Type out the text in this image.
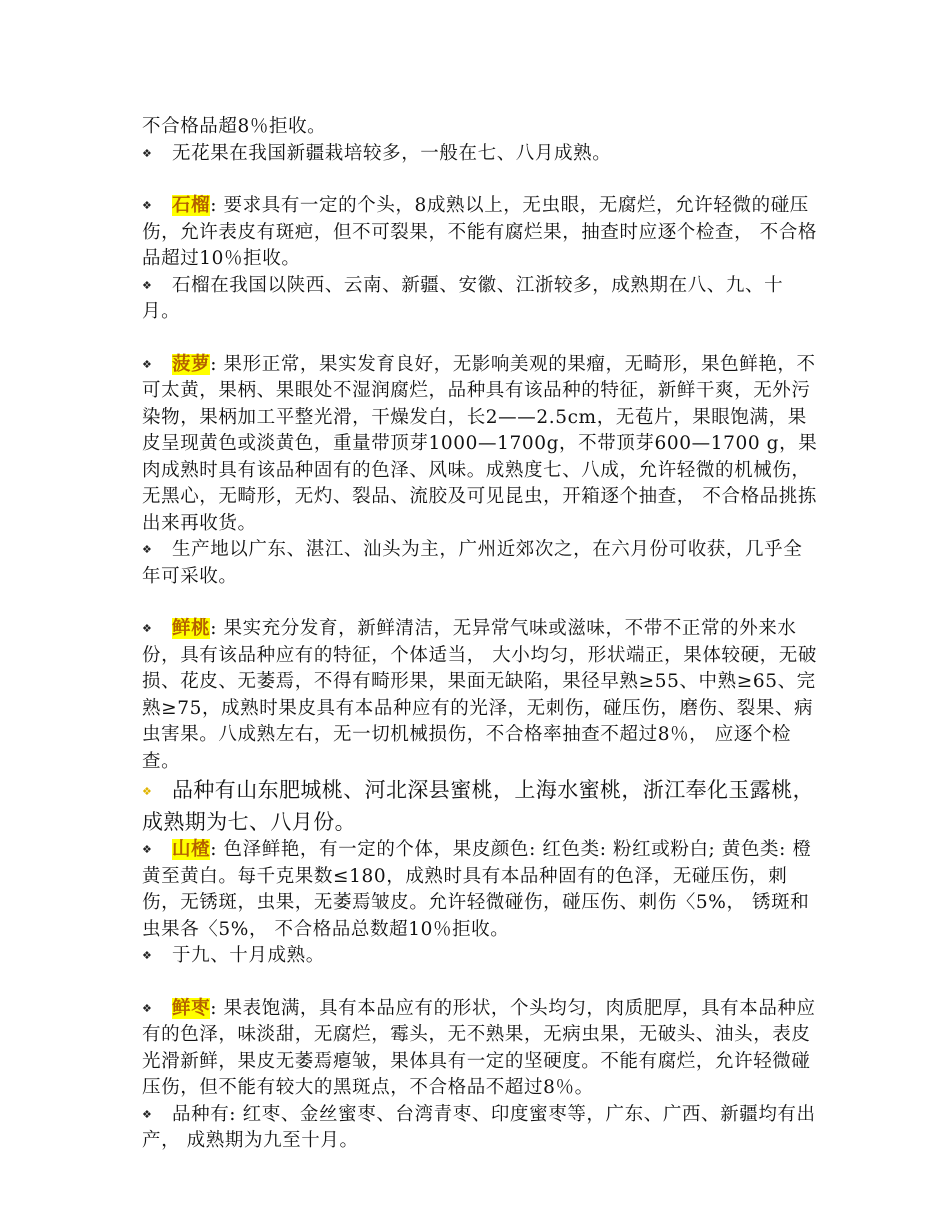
不合格品超8％拒收。

❖ 无花果在我国新疆栽培较多，一般在七、八月成熟。

❖ 石榴: 要求具有一定的个头，8成熟以上，无虫眼，无腐烂，允许轻微的碰压伤，允许表皮有斑疤，但不可裂果，不能有腐烂果，抽查时应逐个检查， 不合格品超过10％拒收。

❖ 石榴在我国以陕西、云南、新疆、安徽、江浙较多，成熟期在八、九、十月。

❖ 菠萝: 果形正常，果实发育良好，无影响美观的果瘤，无畸形，果色鲜艳，不可太黄，果柄、果眼处不湿润腐烂，品种具有该品种的特征，新鲜干爽，无外污染物，果柄加工平整光滑，干燥发白，长2——2.5cm，无苞片，果眼饱满，果皮呈现黄色或淡黄色，重量带顶芽1000—1700g，不带顶芽600—1700 g，果肉成熟时具有该品种固有的色泽、风味。成熟度七、八成，允许轻微的机械伤，无黑心，无畸形，无灼、裂品、流胶及可见昆虫，开箱逐个抽查， 不合格品挑拣出来再收货。

❖ 生产地以广东、湛江、汕头为主，广州近郊次之，在六月份可收获，几乎全年可采收。

❖ 鲜桃: 果实充分发育，新鲜清洁，无异常气味或滋味，不带不正常的外来水份，具有该品种应有的特征，个体适当， 大小均匀，形状端正，果体较硬，无破损、花皮、无萎焉，不得有畸形果，果面无缺陷，果径早熟≥55、中熟≥65、完熟≥75，成熟时果皮具有本品种应有的光泽，无刺伤，碰压伤，磨伤、裂果、病虫害果。八成熟左右，无一切机械损伤，不合格率抽查不超过8％， 应逐个检查。

❖ 品种有山东肥城桃、河北深县蜜桃，上海水蜜桃，浙江奉化玉露桃，成熟期为七、八月份。

❖ 山楂: 色泽鲜艳，有一定的个体，果皮颜色: 红色类: 粉红或粉白; 黄色类: 橙黄至黄白。每千克果数≤180，成熟时具有本品种固有的色泽，无碰压伤，刺伤，无锈斑，虫果，无萎焉皱皮。允许轻微碰伤，碰压伤、刺伤〈5%， 锈斑和虫果各〈5%， 不合格品总数超10％拒收。

❖ 于九、十月成熟。

❖ 鲜枣: 果表饱满，具有本品应有的形状，个头均匀，肉质肥厚，具有本品种应有的色泽，味淡甜，无腐烂，霉头，无不熟果，无病虫果，无破头、油头，表皮光滑新鲜，果皮无萎焉瘪皱，果体具有一定的坚硬度。不能有腐烂，允许轻微碰压伤，但不能有较大的黑斑点，不合格品不超过8％。

❖ 品种有: 红枣、金丝蜜枣、台湾青枣、印度蜜枣等，广东、广西、新疆均有出产， 成熟期为九至十月。
